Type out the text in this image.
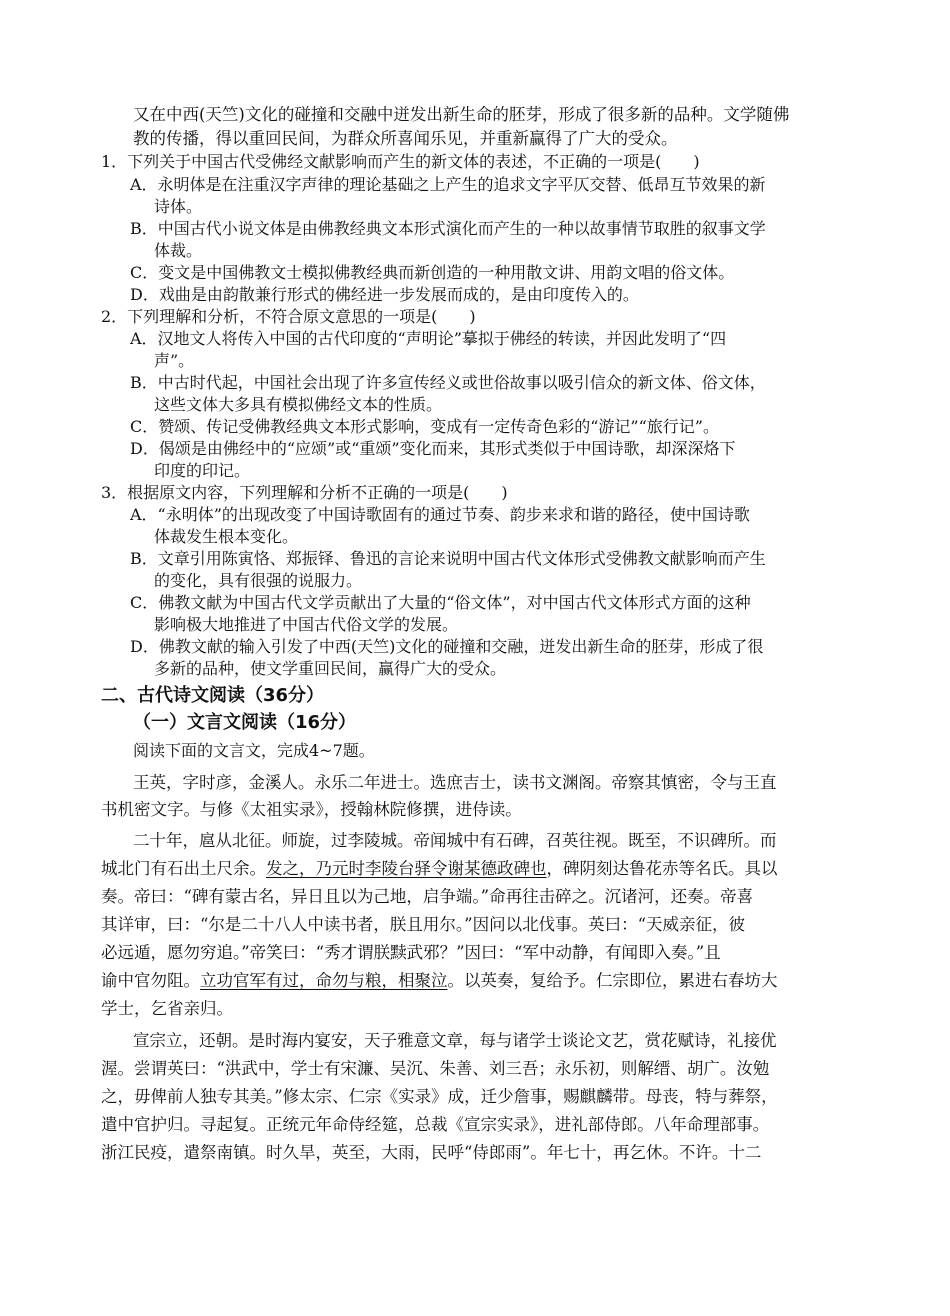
又在中西(天竺)文化的碰撞和交融中迸发出新生命的胚芽，形成了很多新的品种。文学随佛
教的传播，得以重回民间，为群众所喜闻乐见，并重新赢得了广大的受众。
1．下列关于中国古代受佛经文献影响而产生的新文体的表述，不正确的一项是(　　)
A．永明体是在注重汉字声律的理论基础之上产生的追求文字平仄交替、低昂互节效果的新
诗体。
B．中国古代小说文体是由佛教经典文本形式演化而产生的一种以故事情节取胜的叙事文学
体裁。
C．变文是中国佛教文士模拟佛教经典而新创造的一种用散文讲、用韵文唱的俗文体。
D．戏曲是由韵散兼行形式的佛经进一步发展而成的，是由印度传入的。
2．下列理解和分析，不符合原文意思的一项是(　　)
A．汉地文人将传入中国的古代印度的“声明论”摹拟于佛经的转读，并因此发明了“四
声”。
B．中古时代起，中国社会出现了许多宣传经义或世俗故事以吸引信众的新文体、俗文体，
这些文体大多具有模拟佛经文本的性质。
C．赞颂、传记受佛教经典文本形式影响，变成有一定传奇色彩的“游记”“旅行记”。
D．偈颂是由佛经中的“应颂”或“重颂”变化而来，其形式类似于中国诗歌，却深深烙下
印度的印记。
3．根据原文内容，下列理解和分析不正确的一项是(　　)
A．“永明体”的出现改变了中国诗歌固有的通过节奏、韵步来求和谐的路径，使中国诗歌
体裁发生根本变化。
B．文章引用陈寅恪、郑振铎、鲁迅的言论来说明中国古代文体形式受佛教文献影响而产生
的变化，具有很强的说服力。
C．佛教文献为中国古代文学贡献出了大量的“俗文体”，对中国古代文体形式方面的这种
影响极大地推进了中国古代俗文学的发展。
D．佛教文献的输入引发了中西(天竺)文化的碰撞和交融，迸发出新生命的胚芽，形成了很
多新的品种，使文学重回民间，赢得广大的受众。
二、古代诗文阅读（36分）
（一）文言文阅读（16分）
阅读下面的文言文，完成4~7题。
王英，字时彦，金溪人。永乐二年进士。选庶吉士，读书文渊阁。帝察其慎密，令与王直
书机密文字。与修《太祖实录》，授翰林院修撰，进侍读。
二十年，扈从北征。师旋，过李陵城。帝闻城中有石碑，召英往视。既至，不识碑所。而
城北门有石出土尺余。发之，乃元时李陵台驿令谢某德政碑也，碑阴刻达鲁花赤等名氏。具以
奏。帝曰：“碑有蒙古名，异日且以为己地，启争端。”命再往击碎之。沉诸河，还奏。帝喜
其详审，曰：“尔是二十八人中读书者，朕且用尔。”因问以北伐事。英曰：“天威亲征，彼
必远遁，愿勿穷追。”帝笑曰：“秀才谓朕黩武邪？”因曰：“军中动静，有闻即入奏。”且
谕中官勿阻。立功官军有过，命勿与粮，相聚泣。以英奏，复给予。仁宗即位，累进右春坊大
学士，乞省亲归。
宣宗立，还朝。是时海内宴安，天子雅意文章，每与诸学士谈论文艺，赏花赋诗，礼接优
渥。尝谓英曰：“洪武中，学士有宋濂、吴沉、朱善、刘三吾；永乐初，则解缙、胡广。汝勉
之，毋俾前人独专其美。”修太宗、仁宗《实录》成，迁少詹事，赐麒麟带。母丧，特与葬祭，
遣中官护归。寻起复。正统元年命侍经筵，总裁《宣宗实录》，进礼部侍郎。八年命理部事。
浙江民疫，遣祭南镇。时久旱，英至，大雨，民呼“侍郎雨”。年七十，再乞休。不许。十二
